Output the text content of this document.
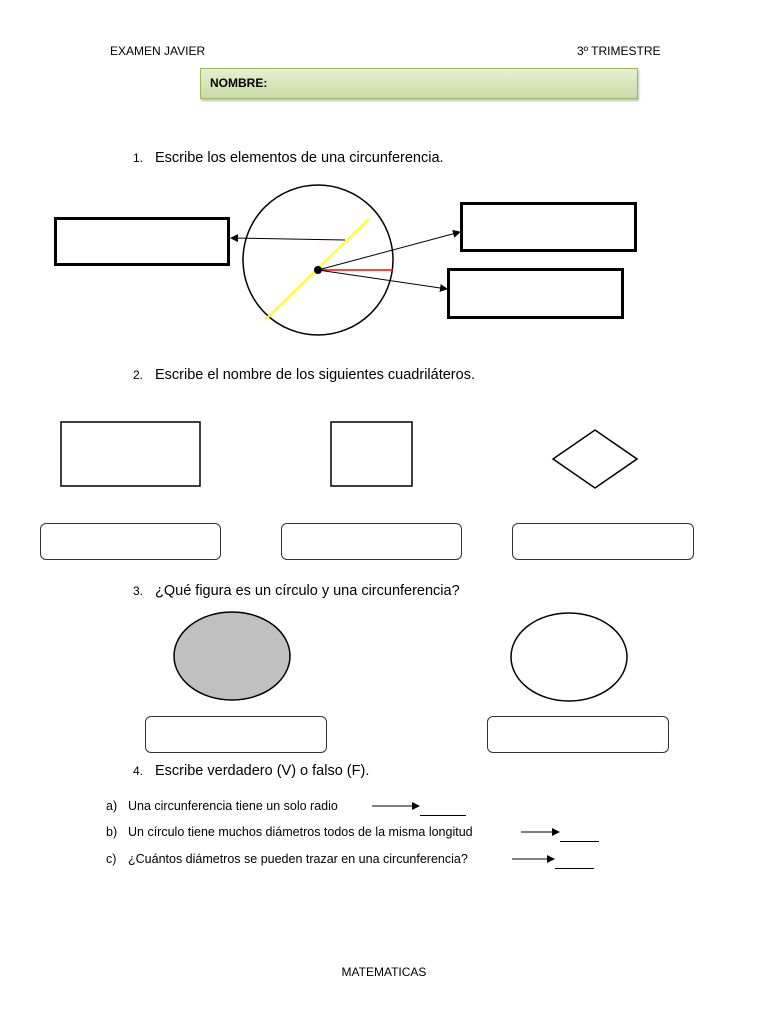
EXAMEN JAVIER	3º TRIMESTRE
NOMBRE:
1. Escribe los elementos de una circunferencia.
2. Escribe el nombre de los siguientes cuadriláteros.
3. ¿Qué figura es un círculo y una circunferencia?
4. Escribe verdadero (V) o falso (F).
a) Una circunferencia tiene un solo radio
b) Un círculo tiene muchos diámetros todos de la misma longitud
c) ¿Cuántos diámetros se pueden trazar en una circunferencia?
MATEMATICAS
